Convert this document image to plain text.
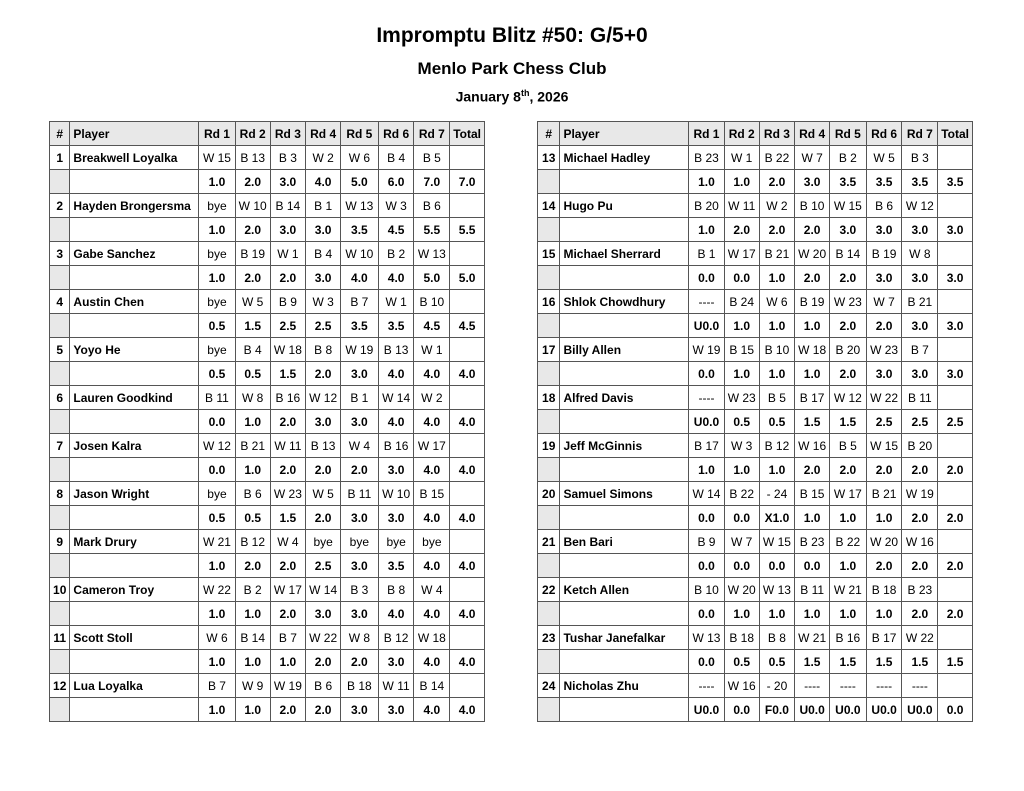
Impromptu Blitz #50: G/5+0
Menlo Park Chess Club
January 8th, 2026
#	Player	Rd 1	Rd 2	Rd 3	Rd 4	Rd 5	Rd 6	Rd 7	Total
1	Breakwell Loyalka	W 15	B 13	B 3	W 2	W 6	B 4	B 5	
		1.0	2.0	3.0	4.0	5.0	6.0	7.0	7.0
2	Hayden Brongersma	bye	W 10	B 14	B 1	W 13	W 3	B 6	
		1.0	2.0	3.0	3.0	3.5	4.5	5.5	5.5
3	Gabe Sanchez	bye	B 19	W 1	B 4	W 10	B 2	W 13	
		1.0	2.0	2.0	3.0	4.0	4.0	5.0	5.0
4	Austin Chen	bye	W 5	B 9	W 3	B 7	W 1	B 10	
		0.5	1.5	2.5	2.5	3.5	3.5	4.5	4.5
5	Yoyo He	bye	B 4	W 18	B 8	W 19	B 13	W 1	
		0.5	0.5	1.5	2.0	3.0	4.0	4.0	4.0
6	Lauren Goodkind	B 11	W 8	B 16	W 12	B 1	W 14	W 2	
		0.0	1.0	2.0	3.0	3.0	4.0	4.0	4.0
7	Josen Kalra	W 12	B 21	W 11	B 13	W 4	B 16	W 17	
		0.0	1.0	2.0	2.0	2.0	3.0	4.0	4.0
8	Jason Wright	bye	B 6	W 23	W 5	B 11	W 10	B 15	
		0.5	0.5	1.5	2.0	3.0	3.0	4.0	4.0
9	Mark Drury	W 21	B 12	W 4	bye	bye	bye	bye	
		1.0	2.0	2.0	2.5	3.0	3.5	4.0	4.0
10	Cameron Troy	W 22	B 2	W 17	W 14	B 3	B 8	W 4	
		1.0	1.0	2.0	3.0	3.0	4.0	4.0	4.0
11	Scott Stoll	W 6	B 14	B 7	W 22	W 8	B 12	W 18	
		1.0	1.0	1.0	2.0	2.0	3.0	4.0	4.0
12	Lua Loyalka	B 7	W 9	W 19	B 6	B 18	W 11	B 14	
		1.0	1.0	2.0	2.0	3.0	3.0	4.0	4.0
#	Player	Rd 1	Rd 2	Rd 3	Rd 4	Rd 5	Rd 6	Rd 7	Total
13	Michael Hadley	B 23	W 1	B 22	W 7	B 2	W 5	B 3	
		1.0	1.0	2.0	3.0	3.5	3.5	3.5	3.5
14	Hugo Pu	B 20	W 11	W 2	B 10	W 15	B 6	W 12	
		1.0	2.0	2.0	2.0	3.0	3.0	3.0	3.0
15	Michael Sherrard	B 1	W 17	B 21	W 20	B 14	B 19	W 8	
		0.0	0.0	1.0	2.0	2.0	3.0	3.0	3.0
16	Shlok Chowdhury	----	B 24	W 6	B 19	W 23	W 7	B 21	
		U0.0	1.0	1.0	1.0	2.0	2.0	3.0	3.0
17	Billy Allen	W 19	B 15	B 10	W 18	B 20	W 23	B 7	
		0.0	1.0	1.0	1.0	2.0	3.0	3.0	3.0
18	Alfred Davis	----	W 23	B 5	B 17	W 12	W 22	B 11	
		U0.0	0.5	0.5	1.5	1.5	2.5	2.5	2.5
19	Jeff McGinnis	B 17	W 3	B 12	W 16	B 5	W 15	B 20	
		1.0	1.0	1.0	2.0	2.0	2.0	2.0	2.0
20	Samuel Simons	W 14	B 22	- 24	B 15	W 17	B 21	W 19	
		0.0	0.0	X1.0	1.0	1.0	1.0	2.0	2.0
21	Ben Bari	B 9	W 7	W 15	B 23	B 22	W 20	W 16	
		0.0	0.0	0.0	0.0	1.0	2.0	2.0	2.0
22	Ketch Allen	B 10	W 20	W 13	B 11	W 21	B 18	B 23	
		0.0	1.0	1.0	1.0	1.0	1.0	2.0	2.0
23	Tushar Janefalkar	W 13	B 18	B 8	W 21	B 16	B 17	W 22	
		0.0	0.5	0.5	1.5	1.5	1.5	1.5	1.5
24	Nicholas Zhu	----	W 16	- 20	----	----	----	----	
		U0.0	0.0	F0.0	U0.0	U0.0	U0.0	U0.0	0.0
